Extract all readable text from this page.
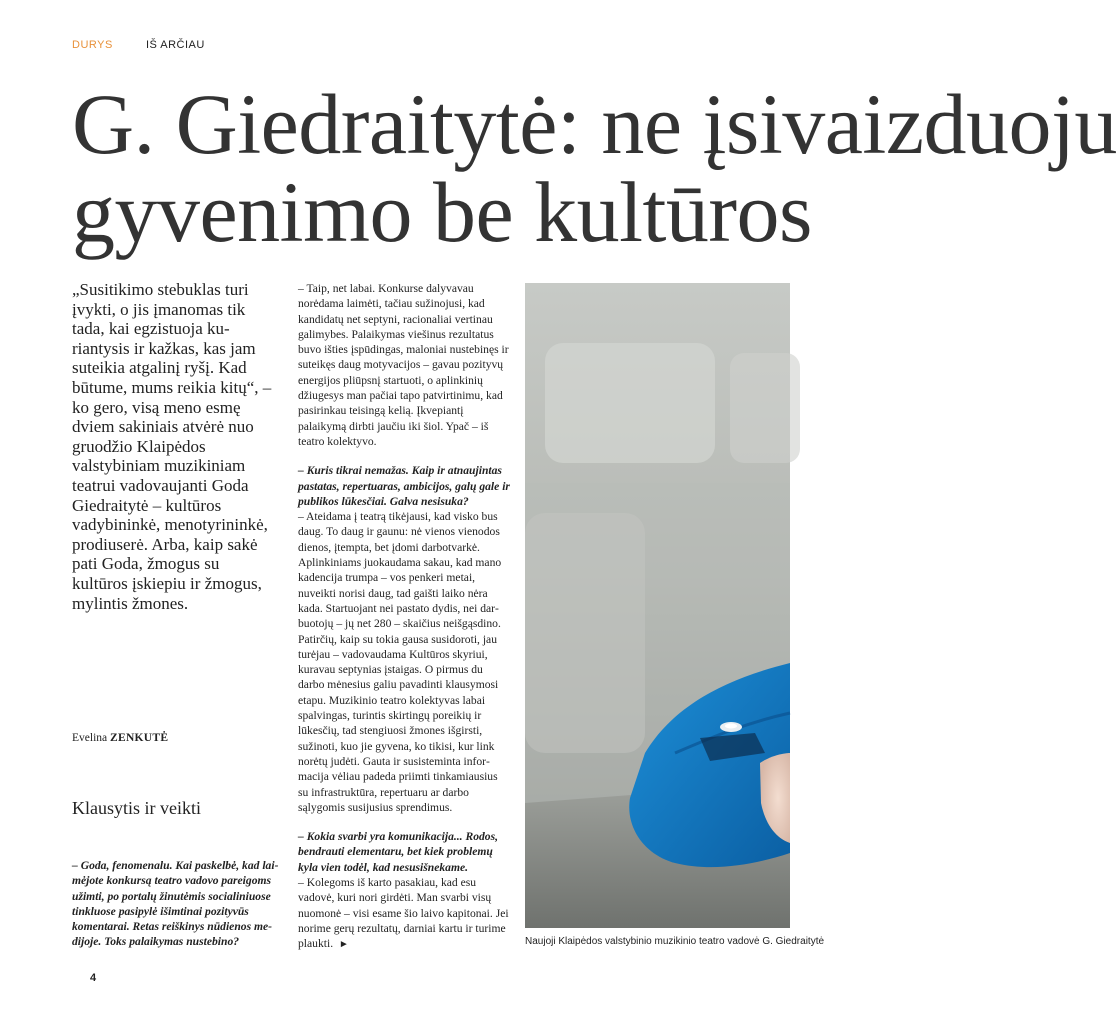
DURYS	IŠ ARČIAU
G. Giedraitytė: ne įsivaizduoju
gyvenimo be kultūros

„Susitikimo stebuklas turi įvykti, o jis įmanomas tik tada, kai egzistuoja kuriantysis ir kažkas, kas jam suteikia atgalinį ryšį. Kad būtume, mums reikia kitų“, – ko gero, visą meno esmę dviem sakiniais atvėrė nuo gruodžio Klaipėdos valstybiniam muzikiniam teatrui vadovaujanti Goda Giedraitytė – kultūros vadybininkė, menotyrininkė, prodiuserė. Arba, kaip sakė pati Goda, žmogus su kultūros įskiepiu ir žmogus, mylintis žmones.

Evelina ZENKUTĖ
Klausytis ir veikti

– Goda, fenomenalu. Kai paskelbė, kad laimėjote konkursą teatro vadovo pareigoms užimti, po portalų žinutėmis socialiniuose tinkluose pasipylė išimtinai pozityvūs komentarai. Retas reiškinys nūdienos medijoje. Toks palaikymas nustebino?

– Taip, net labai. Konkurse dalyvavau norėdama laimėti, tačiau sužinojusi, kad kandidatų net septyni, racionaliai vertinau galimybes. Palaikymas viešinus rezultatus buvo išties įspūdingas, maloniai nustebinęs ir suteikęs daug motyvacijos – gavau pozityvų energijos pliūpsnį startuoti, o aplinkinių džiugesys man pačiai tapo patvirtinimu, kad pasirinkau teisingą kelią. Įkvepiantį palaikymą dirbti jaučiu iki šiol. Ypač – iš teatro kolektyvo.

– Kuris tikrai nemažas. Kaip ir atnaujintas pastatas, repertuaras, ambicijos, galų gale ir publikos lūkesčiai. Galva nesisuka?

– Ateidama į teatrą tikėjausi, kad visko bus daug. To daug ir gaunu: nė vienos vienodos dienos, įtempta, bet įdomi darbotvarkė. Aplinkiniams juokaudama sakau, kad mano kadencija trumpa – vos penkeri metai, nuveikti norisi daug, tad gaišti laiko nėra kada. Startuojant nei pastato dydis, nei darbuotojų – jų net 280 – skaičius neišgąsdino. Patirčių, kaip su tokia gausa susidoroti, jau turėjau – vadovaudama Kultūros skyriui, kuravau septynias įstaigas. O pirmus du darbo mėnesius galiu pavadinti klausymosi etapu. Muzikinio teatro kolektyvas labai spalvingas, turintis skirtingų poreikių ir lūkesčių, tad stengiuosi žmones išgirsti, sužinoti, kuo jie gyvena, ko tikisi, kur link norėtų judėti. Gauta ir susisteminta informacija vėliau padeda priimti tinkamiausius su infrastruktūra, repertuaru ar darbo sąlygomis susijusius sprendimus.

– Kokia svarbi yra komunikacija... Rodos, bendrauti elementaru, bet kiek problemų kyla vien todėl, kad nesusišnekame.

– Kolegoms iš karto pasakiau, kad esu vadovė, kuri nori girdėti. Man svarbi visų nuomonė – visi esame šio laivo kapitonai. Jei norime gerų rezultatų, darniai kartu ir turime plaukti. ►	Naujoji Klaipėdos valstybinio muzikinio teatro vadovė G. Giedraitytė
4
